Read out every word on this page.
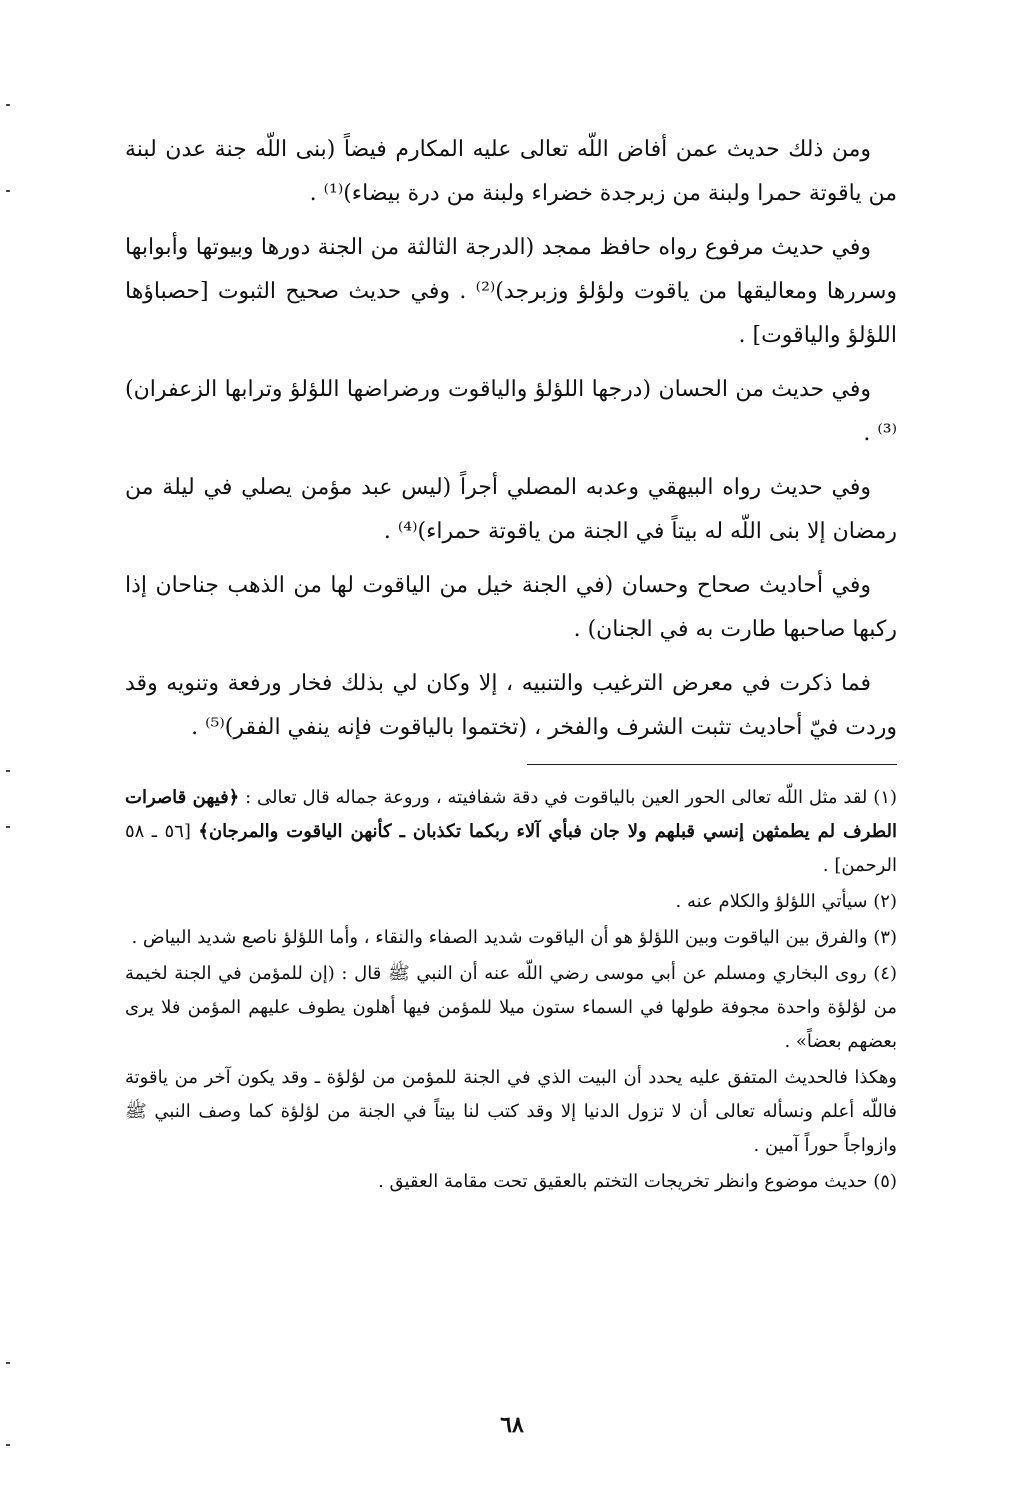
ومن ذلك حديث عمن أفاض اللّه تعالى عليه المكارم فيضاً (بنى اللّه جنة عدن لبنة من ياقوتة حمرا ولبنة من زبرجدة خضراء ولبنة من درة بيضاء)⁽¹⁾ .

وفي حديث مرفوع رواه حافظ ممجد (الدرجة الثالثة من الجنة دورها وبيوتها وأبوابها وسررها ومعاليقها من ياقوت ولؤلؤ وزبرجد)⁽²⁾ . وفي حديث صحيح الثبوت [حصباؤها اللؤلؤ والياقوت] .

وفي حديث من الحسان (درجها اللؤلؤ والياقوت ورضراضها اللؤلؤ وترابها الزعفران)⁽³⁾ .

وفي حديث رواه البيهقي وعدبه المصلي أجراً (ليس عبد مؤمن يصلي في ليلة من رمضان إلا بنى اللّه له بيتاً في الجنة من ياقوتة حمراء)⁽⁴⁾ .

وفي أحاديث صحاح وحسان (في الجنة خيل من الياقوت لها من الذهب جناحان إذا ركبها صاحبها طارت به في الجنان) .

فما ذكرت في معرض الترغيب والتنبيه ، إلا وكان لي بذلك فخار ورفعة وتنويه وقد وردت فيّ أحاديث تثبت الشرف والفخر ، (تختموا بالياقوت فإنه ينفي الفقر)⁽⁵⁾ .

(١) لقد مثل اللّه تعالى الحور العين بالياقوت في دقة شفافيته ، وروعة جماله قال تعالى : ﴿فيهن قاصرات الطرف لم يطمثهن إنسي قبلهم ولا جان فبأي آلاء ربكما تكذبان ـ كأنهن الياقوت والمرجان﴾ [٥٦ ـ ٥٨ الرحمن] .

(٢) سيأتي اللؤلؤ والكلام عنه .

(٣) والفرق بين الياقوت وبين اللؤلؤ هو أن الياقوت شديد الصفاء والنقاء ، وأما اللؤلؤ ناصع شديد البياض .

(٤) روى البخاري ومسلم عن أبي موسى رضي اللّه عنه أن النبي ﷺ قال : (إن للمؤمن في الجنة لخيمة من لؤلؤة واحدة مجوفة طولها في السماء ستون ميلا للمؤمن فيها أهلون يطوف عليهم المؤمن فلا يرى بعضهم بعضاً» .

وهكذا فالحديث المتفق عليه يحدد أن البيت الذي في الجنة للمؤمن من لؤلؤة ـ وقد يكون آخر من ياقوتة فاللّه أعلم ونسأله تعالى أن لا تزول الدنيا إلا وقد كتب لنا بيتاً في الجنة من لؤلؤة كما وصف النبي ﷺ وازواجاً حوراً آمين .

(٥) حديث موضوع وانظر تخريجات التختم بالعقيق تحت مقامة العقيق .

٦٨
